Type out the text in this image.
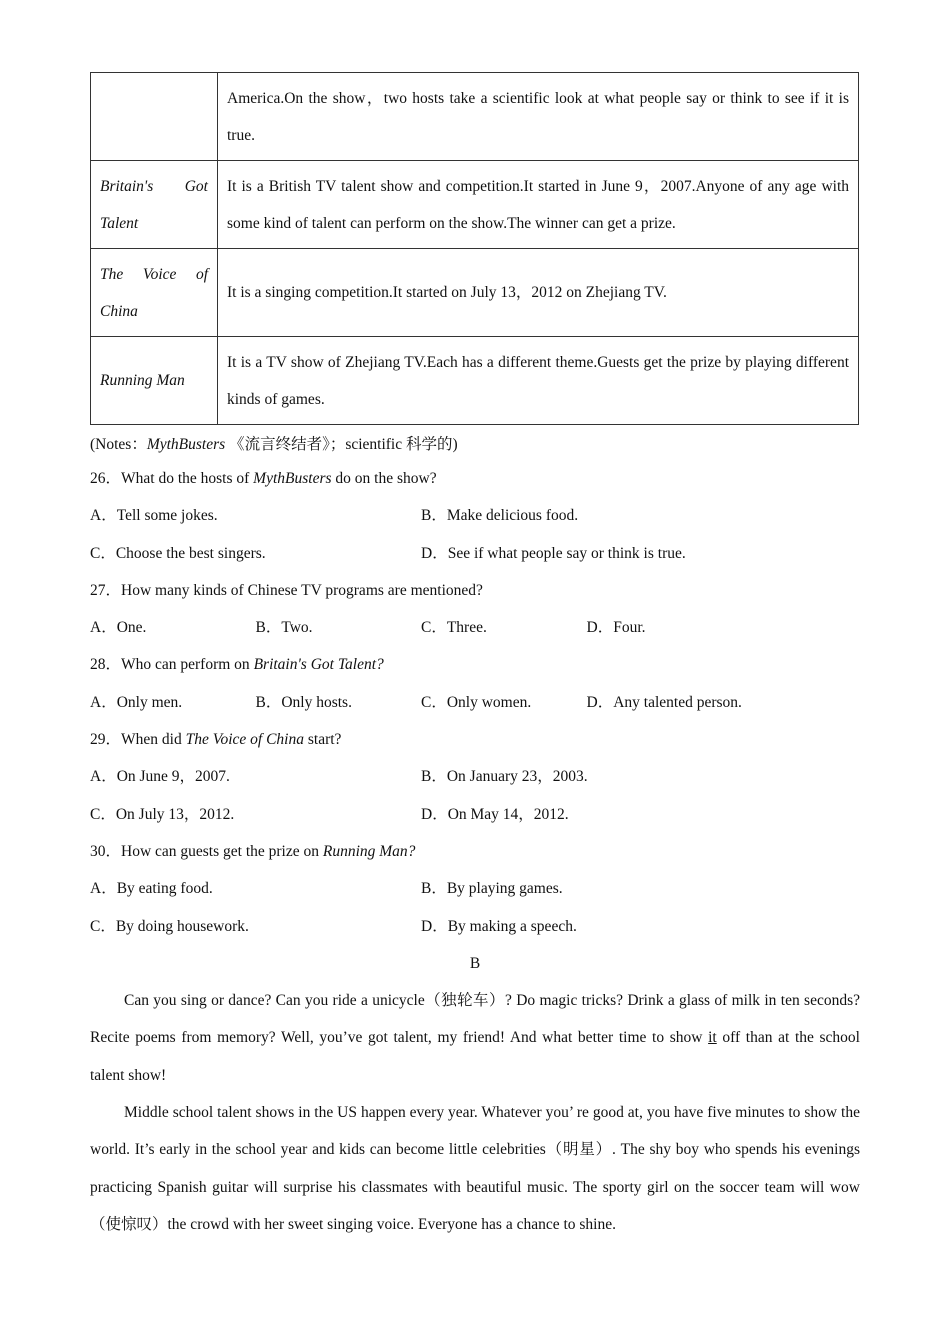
	America.On the show，two hosts take a scientific look at what people say or think to see if it is true.
Britain's Got Talent	It is a British TV talent show and competition.It started in June 9，2007.Anyone of any age with some kind of talent can perform on the show.The winner can get a prize.
The Voice of China	It is a singing competition.It started on July 13，2012 on Zhejiang TV.
Running Man	It is a TV show of Zhejiang TV.Each has a different theme.Guests get the prize by playing different kinds of games.
(Notes：MythBusters 《流言终结者》；scientific 科学的)
26．What do the hosts of MythBusters do on the show?
A．Tell some jokes.	B．Make delicious food.
C．Choose the best singers.	D．See if what people say or think is true.
27．How many kinds of Chinese TV programs are mentioned?
A．One.	B．Two.	C．Three.	D．Four.
28．Who can perform on Britain's Got Talent?
A．Only men.	B．Only hosts.	C．Only women.	D．Any talented person.
29．When did The Voice of China start?
A．On June 9，2007.	B．On January 23，2003.
C．On July 13，2012.	D．On May 14，2012.
30．How can guests get the prize on Running Man?
A．By eating food.	B．By playing games.
C．By doing housework.	D．By making a speech.
B

Can you sing or dance? Can you ride a unicycle（独轮车）? Do magic tricks? Drink a glass of milk in ten seconds? Recite poems from memory? Well, you’ve got talent, my friend! And what better time to show it off than at the school talent show!

Middle school talent shows in the US happen every year. Whatever you’ re good at, you have five minutes to show the world. It’s early in the school year and kids can become little celebrities（明星）. The shy boy who spends his evenings practicing Spanish guitar will surprise his classmates with beautiful music. The sporty girl on the soccer team will wow（使惊叹）the crowd with her sweet singing voice. Everyone has a chance to shine.
